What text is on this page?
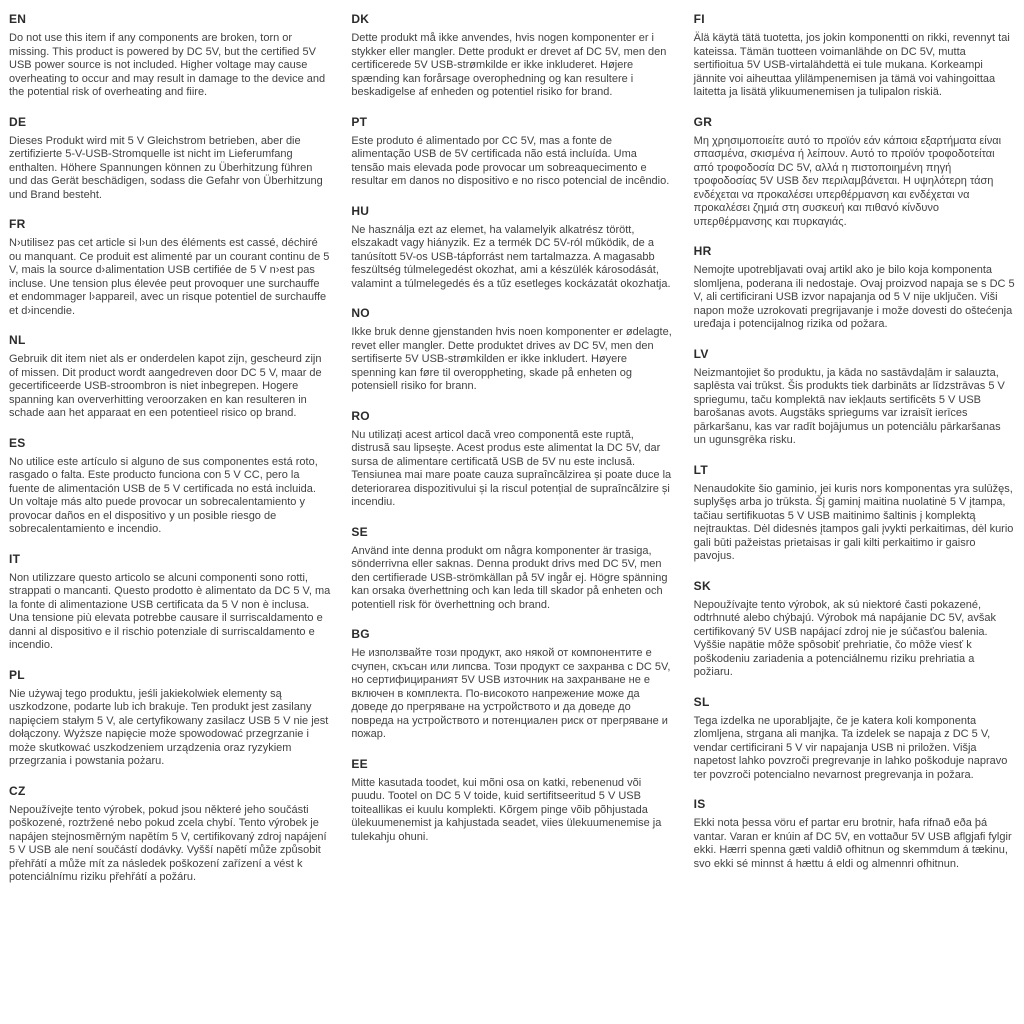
EN

Do not use this item if any components are broken, torn or missing. This product is powered by DC 5V, but the certified 5V USB power source is not included. Higher voltage may cause overheating to occur and may result in damage to the device and the potential risk of overheating and fiire.

DE

Dieses Produkt wird mit 5 V Gleichstrom betrieben, aber die zertifizierte 5-V-USB-Stromquelle ist nicht im Lieferumfang enthalten. Höhere Spannungen können zu Überhitzung führen und das Gerät beschädigen, sodass die Gefahr von Überhitzung und Brand besteht.

FR

N›utilisez pas cet article si l›un des éléments est cassé, déchiré ou manquant. Ce produit est alimenté par un courant continu de 5 V, mais la source d›alimentation USB certifiée de 5 V n›est pas incluse. Une tension plus élevée peut provoquer une surchauffe et endommager l›appareil, avec un risque potentiel de surchauffe et d›incendie.

NL

Gebruik dit item niet als er onderdelen kapot zijn, gescheurd zijn of missen. Dit product wordt aangedreven door DC 5 V, maar de gecertificeerde USB-stroombron is niet inbegrepen. Hogere spanning kan oververhitting veroorzaken en kan resulteren in schade aan het apparaat en een potentieel risico op brand.

ES

No utilice este artículo si alguno de sus componentes está roto, rasgado o falta. Este producto funciona con 5 V CC, pero la fuente de alimentación USB de 5 V certificada no está incluida. Un voltaje más alto puede provocar un sobrecalentamiento y provocar daños en el dispositivo y un posible riesgo de sobrecalentamiento e incendio.

IT

Non utilizzare questo articolo se alcuni componenti sono rotti, strappati o mancanti. Questo prodotto è alimentato da DC 5 V, ma la fonte di alimentazione USB certificata da 5 V non è inclusa. Una tensione più elevata potrebbe causare il surriscaldamento e danni al dispositivo e il rischio potenziale di surriscaldamento e incendio.

PL

Nie używaj tego produktu, jeśli jakiekolwiek elementy są uszkodzone, podarte lub ich brakuje. Ten produkt jest zasilany napięciem stałym 5 V, ale certyfikowany zasilacz USB 5 V nie jest dołączony. Wyższe napięcie może spowodować przegrzanie i może skutkować uszkodzeniem urządzenia oraz ryzykiem przegrzania i powstania pożaru.

CZ

Nepoužívejte tento výrobek, pokud jsou některé jeho součásti poškozené, roztržené nebo pokud zcela chybí. Tento výrobek je napájen stejnosměrným napětím 5 V, certifikovaný zdroj napájení 5 V USB ale není součástí dodávky. Vyšší napětí může způsobit přehřátí a může mít za následek poškození zařízení a vést k potenciálnímu riziku přehřátí a požáru.

DK

Dette produkt må ikke anvendes, hvis nogen komponenter er i stykker eller mangler. Dette produkt er drevet af DC 5V, men den certificerede 5V USB-strømkilde er ikke inkluderet. Højere spænding kan forårsage overophedning og kan resultere i beskadigelse af enheden og potentiel risiko for brand.

PT

Este produto é alimentado por CC 5V, mas a fonte de alimentação USB de 5V certificada não está incluída. Uma tensão mais elevada pode provocar um sobreaquecimento e resultar em danos no dispositivo e no risco potencial de incêndio.

HU

Ne használja ezt az elemet, ha valamelyik alkatrész törött, elszakadt vagy hiányzik. Ez a termék DC 5V-ról működik, de a tanúsított 5V-os USB-tápforrást nem tartalmazza. A magasabb feszültség túlmelegedést okozhat, ami a készülék károsodását, valamint a túlmelegedés és a tűz esetleges kockázatát okozhatja.

NO

Ikke bruk denne gjenstanden hvis noen komponenter er ødelagte, revet eller mangler. Dette produktet drives av DC 5V, men den sertifiserte 5V USB-strømkilden er ikke inkludert. Høyere spenning kan føre til overoppheting, skade på enheten og potensiell risiko for brann.

RO

Nu utilizați acest articol dacă vreo componentă este ruptă, distrusă sau lipsește. Acest produs este alimentat la DC 5V, dar sursa de alimentare certificată USB de 5V nu este inclusă. Tensiunea mai mare poate cauza supraîncălzirea și poate duce la deteriorarea dispozitivului și la riscul potențial de supraîncălzire și incendiu.

SE

Använd inte denna produkt om några komponenter är trasiga, sönderrivna eller saknas. Denna produkt drivs med DC 5V, men den certifierade USB-strömkällan på 5V ingår ej. Högre spänning kan orsaka överhettning och kan leda till skador på enheten och potentiell risk för överhettning och brand.

BG

Не използвайте този продукт, ако някой от компонентите е счупен, скъсан или липсва. Този продукт се захранва с DC 5V, но сертифицираният 5V USB източник на захранване не е включен в комплекта. По-високото напрежение може да доведе до прегряване на устройството и да доведе до повреда на устройството и потенциален риск от прегряване и пожар.

EE

Mitte kasutada toodet, kui mõni osa on katki, rebenenud või puudu. Tootel on DC 5 V toide, kuid sertifitseeritud 5 V USB toiteallikas ei kuulu komplekti. Kõrgem pinge võib põhjustada ülekuumenemist ja kahjustada seadet, viies ülekuumenemise ja tulekahju ohuni.

FI

Älä käytä tätä tuotetta, jos jokin komponentti on rikki, revennyt tai kateissa. Tämän tuotteen voimanlähde on DC 5V, mutta sertifioitua 5V USB-virtalähdettä ei tule mukana. Korkeampi jännite voi aiheuttaa ylilämpenemisen ja tämä voi vahingoittaa laitetta ja lisätä ylikuumenemisen ja tulipalon riskiä.

GR

Μη χρησιμοποιείτε αυτό το προϊόν εάν κάποια εξαρτήματα είναι σπασμένα, σκισμένα ή λείπουν. Αυτό το προϊόν τροφοδοτείται από τροφοδοσία DC 5V, αλλά η πιστοποιημένη πηγή τροφοδοσίας 5V USB δεν περιλαμβάνεται. Η υψηλότερη τάση ενδέχεται να προκαλέσει υπερθέρμανση και ενδέχεται να προκαλέσει ζημιά στη συσκευή και πιθανό κίνδυνο υπερθέρμανσης και πυρκαγιάς.

HR

Nemojte upotrebljavati ovaj artikl ako je bilo koja komponenta slomljena, poderana ili nedostaje. Ovaj proizvod napaja se s DC 5 V, ali certificirani USB izvor napajanja od 5 V nije uključen. Viši napon može uzrokovati pregrijavanje i može dovesti do oštećenja uređaja i potencijalnog rizika od požara.

LV

Neizmantojiet šo produktu, ja kāda no sastāvdaļām ir salauzta, saplēsta vai trūkst. Šis produkts tiek darbināts ar līdzstrāvas 5 V spriegumu, taču komplektā nav iekļauts sertificēts 5 V USB barošanas avots. Augstāks spriegums var izraisīt ierīces pārkaršanu, kas var radīt bojājumus un potenciālu pārkaršanas un ugunsgrēka risku.

LT

Nenaudokite šio gaminio, jei kuris nors komponentas yra sulūžęs, suplyšęs arba jo trūksta. Šį gaminį maitina nuolatinė 5 V įtampa, tačiau sertifikuotas 5 V USB maitinimo šaltinis į komplektą neįtrauktas. Dėl didesnės įtampos gali įvykti perkaitimas, dėl kurio gali būti pažeistas prietaisas ir gali kilti perkaitimo ir gaisro pavojus.

SK

Nepoužívajte tento výrobok, ak sú niektoré časti pokazené, odtrhnuté alebo chýbajú. Výrobok má napájanie DC 5V, avšak certifikovaný 5V USB napájací zdroj nie je súčasťou balenia. Vyššie napätie môže spôsobiť prehriatie, čo môže viesť k poškodeniu zariadenia a potenciálnemu riziku prehriatia a požiaru.

SL

Tega izdelka ne uporabljajte, če je katera koli komponenta zlomljena, strgana ali manjka. Ta izdelek se napaja z DC 5 V, vendar certificirani 5 V vir napajanja USB ni priložen. Višja napetost lahko povzroči pregrevanje in lahko poškoduje napravo ter povzroči potencialno nevarnost pregrevanja in požara.

IS

Ekki nota þessa vöru ef partar eru brotnir, hafa rifnað eða þá vantar. Varan er knúin af DC 5V, en vottaður 5V USB aflgjafi fylgir ekki. Hærri spenna gæti valdið ofhitnun og skemmdum á tækinu, svo ekki sé minnst á hættu á eldi og almennri ofhitnun.
